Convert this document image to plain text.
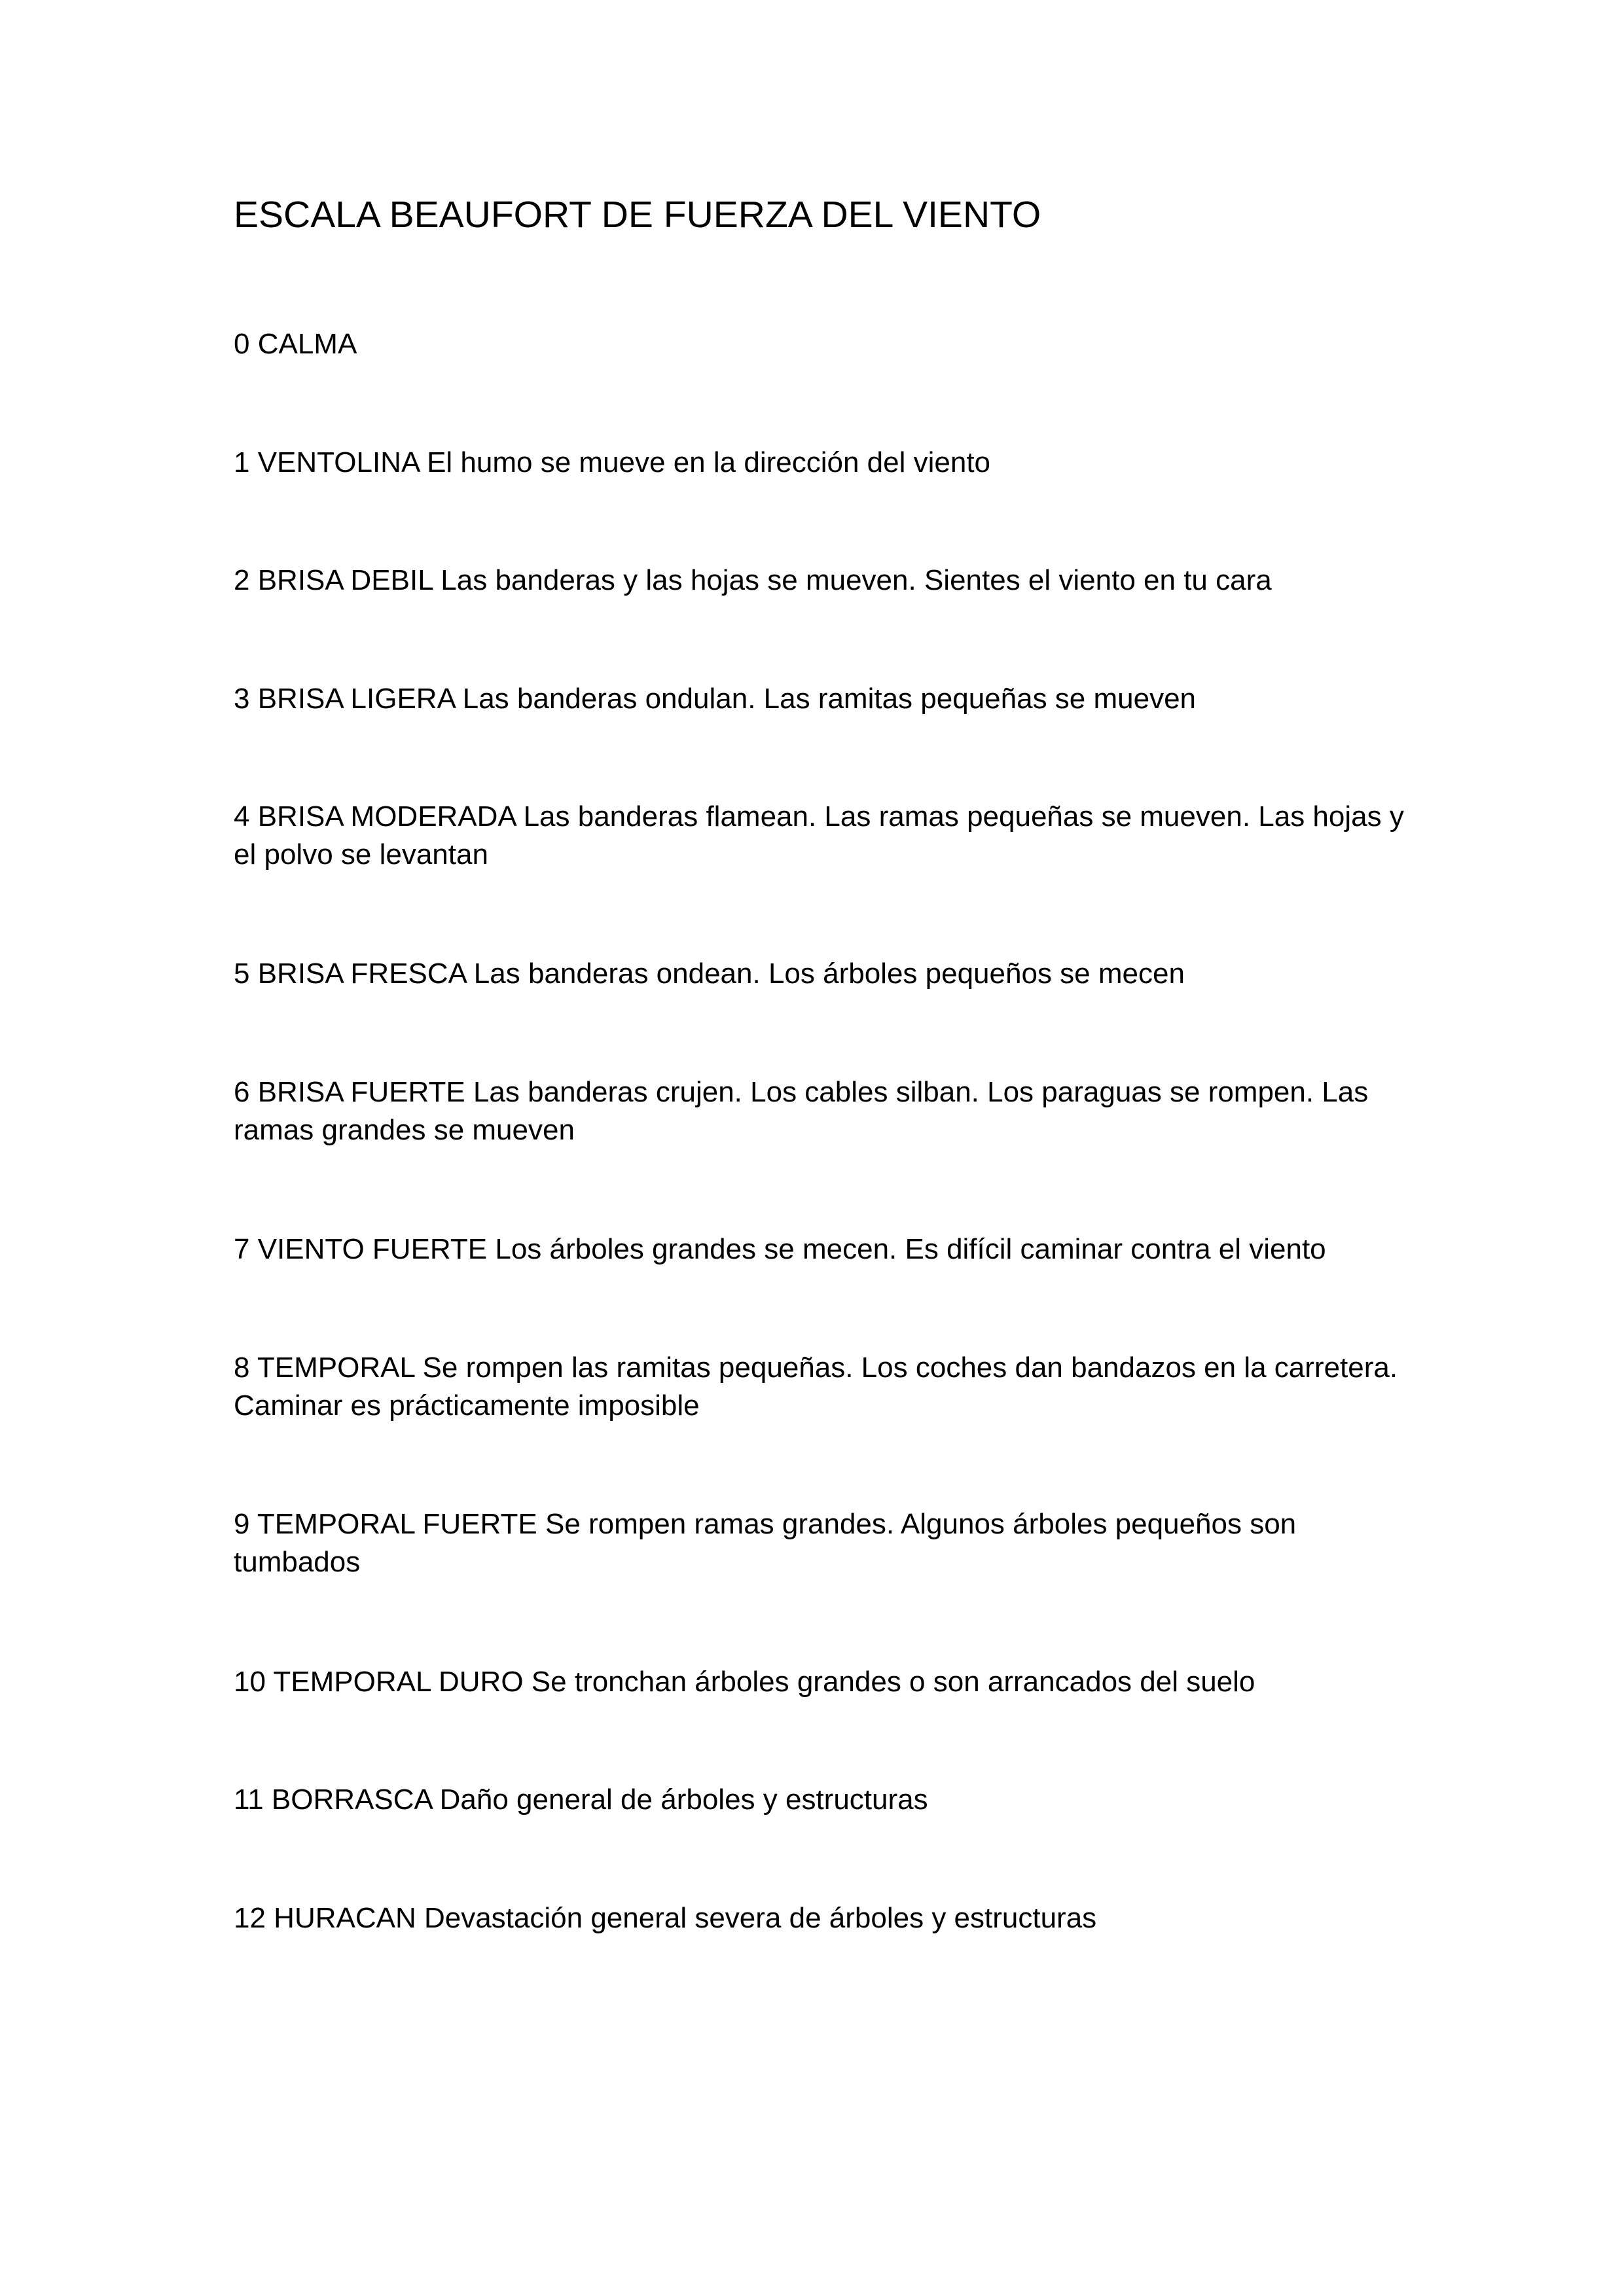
ESCALA BEAUFORT DE FUERZA DEL VIENTO

0 CALMA

1 VENTOLINA El humo se mueve en la dirección del viento

2 BRISA DEBIL Las banderas y las hojas se mueven. Sientes el viento en tu cara

3 BRISA LIGERA Las banderas ondulan. Las ramitas pequeñas se mueven

4 BRISA MODERADA Las banderas flamean. Las ramas pequeñas se mueven. Las hojas y el polvo se levantan

5 BRISA FRESCA Las banderas ondean. Los árboles pequeños se mecen

6 BRISA FUERTE Las banderas crujen. Los cables silban. Los paraguas se rompen. Las ramas grandes se mueven

7 VIENTO FUERTE Los árboles grandes se mecen. Es difícil caminar contra el viento

8 TEMPORAL Se rompen las ramitas pequeñas. Los coches dan bandazos en la carretera. Caminar es prácticamente imposible

9 TEMPORAL FUERTE Se rompen ramas grandes. Algunos árboles pequeños son tumbados

10 TEMPORAL DURO Se tronchan árboles grandes o son arrancados del suelo

11 BORRASCA Daño general de árboles y estructuras

12 HURACAN Devastación general severa de árboles y estructuras
